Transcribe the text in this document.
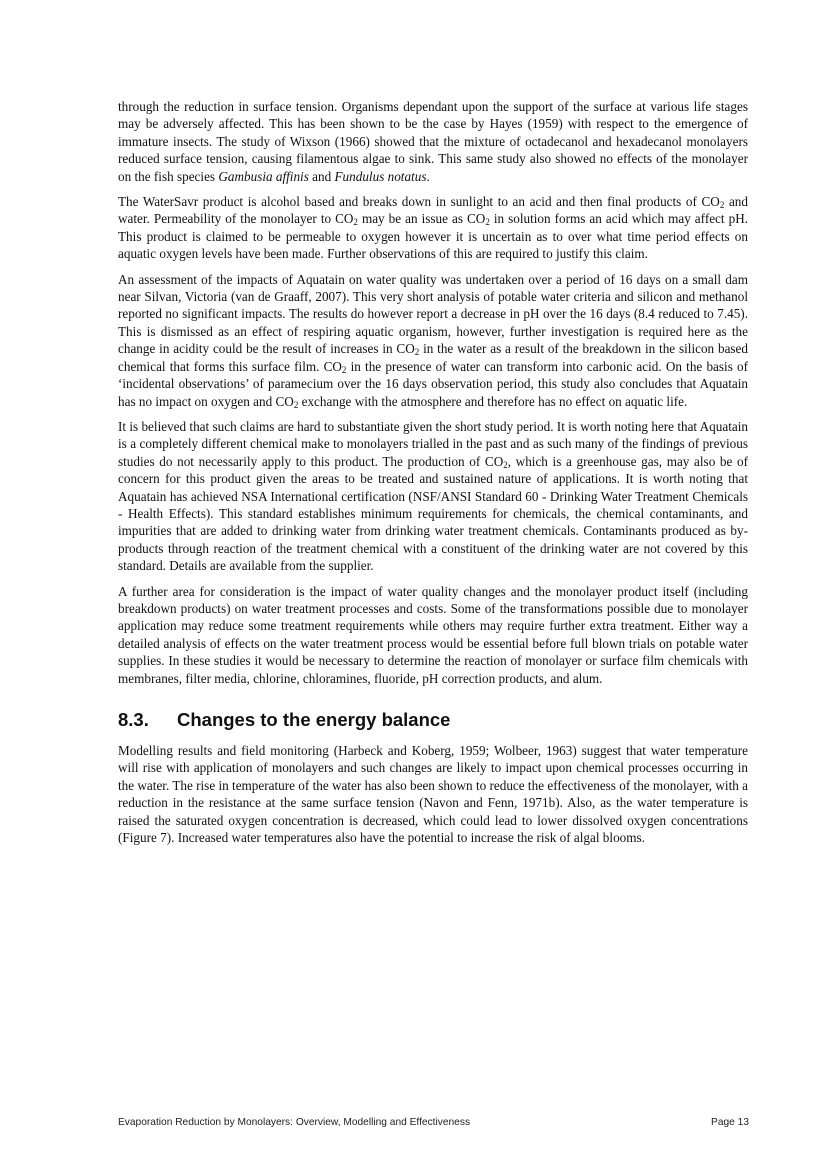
through the reduction in surface tension. Organisms dependant upon the support of the surface at various life stages may be adversely affected. This has been shown to be the case by Hayes (1959) with respect to the emergence of immature insects. The study of Wixson (1966) showed that the mixture of octadecanol and hexadecanol monolayers reduced surface tension, causing filamentous algae to sink. This same study also showed no effects of the monolayer on the fish species Gambusia affinis and Fundulus notatus.

The WaterSavr product is alcohol based and breaks down in sunlight to an acid and then final products of $CO_2$ and water. Permeability of the monolayer to $CO_2$ may be an issue as $CO_2$ in solution forms an acid which may affect pH. This product is claimed to be permeable to oxygen however it is uncertain as to over what time period effects on aquatic oxygen levels have been made. Further observations of this are required to justify this claim.

An assessment of the impacts of Aquatain on water quality was undertaken over a period of 16 days on a small dam near Silvan, Victoria (van de Graaff, 2007). This very short analysis of potable water criteria and silicon and methanol reported no significant impacts. The results do however report a decrease in pH over the 16 days (8.4 reduced to 7.45). This is dismissed as an effect of respiring aquatic organism, however, further investigation is required here as the change in acidity could be the result of increases in $CO_2$ in the water as a result of the breakdown in the silicon based chemical that forms this surface film. $CO_2$ in the presence of water can transform into carbonic acid. On the basis of ‘incidental observations’ of paramecium over the 16 days observation period, this study also concludes that Aquatain has no impact on oxygen and $CO_2$ exchange with the atmosphere and therefore has no effect on aquatic life.

It is believed that such claims are hard to substantiate given the short study period. It is worth noting here that Aquatain is a completely different chemical make to monolayers trialled in the past and as such many of the findings of previous studies do not necessarily apply to this product. The production of $CO_2$, which is a greenhouse gas, may also be of concern for this product given the areas to be treated and sustained nature of applications. It is worth noting that Aquatain has achieved NSA International certification (NSF/ANSI Standard 60 - Drinking Water Treatment Chemicals - Health Effects). This standard establishes minimum requirements for chemicals, the chemical contaminants, and impurities that are added to drinking water from drinking water treatment chemicals. Contaminants produced as by-products through reaction of the treatment chemical with a constituent of the drinking water are not covered by this standard. Details are available from the supplier.

A further area for consideration is the impact of water quality changes and the monolayer product itself (including breakdown products) on water treatment processes and costs. Some of the transformations possible due to monolayer application may reduce some treatment requirements while others may require further extra treatment. Either way a detailed analysis of effects on the water treatment process would be essential before full blown trials on potable water supplies. In these studies it would be necessary to determine the reaction of monolayer or surface film chemicals with membranes, filter media, chlorine, chloramines, fluoride, pH correction products, and alum.

8.3. Changes to the energy balance

Modelling results and field monitoring (Harbeck and Koberg, 1959; Wolbeer, 1963) suggest that water temperature will rise with application of monolayers and such changes are likely to impact upon chemical processes occurring in the water. The rise in temperature of the water has also been shown to reduce the effectiveness of the monolayer, with a reduction in the resistance at the same surface tension (Navon and Fenn, 1971b). Also, as the water temperature is raised the saturated oxygen concentration is decreased, which could lead to lower dissolved oxygen concentrations (Figure 7). Increased water temperatures also have the potential to increase the risk of algal blooms.

Evaporation Reduction by Monolayers: Overview, Modelling and Effectiveness	Page 13
